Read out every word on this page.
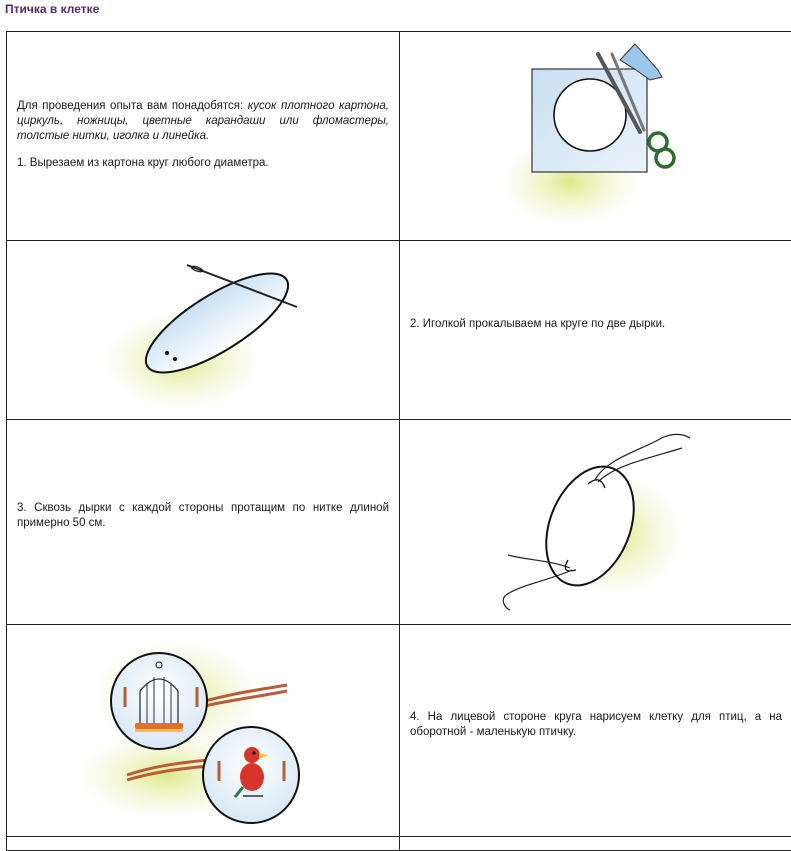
Птичка в клетке

Для проведения опыта вам понадобятся: кусок плотного картона, циркуль, ножницы, цветные карандаши или фломастеры, толстые нитки, иголка и линейка.

1. Вырезаем из картона круг любого диаметра.

2. Иголкой прокалываем на круге по две дырки.

3. Сквозь дырки с каждой стороны протащим по нитке длиной примерно 50 см.

4. На лицевой стороне круга нарисуем клетку для птиц, а на оборотной - маленькую птичку.
